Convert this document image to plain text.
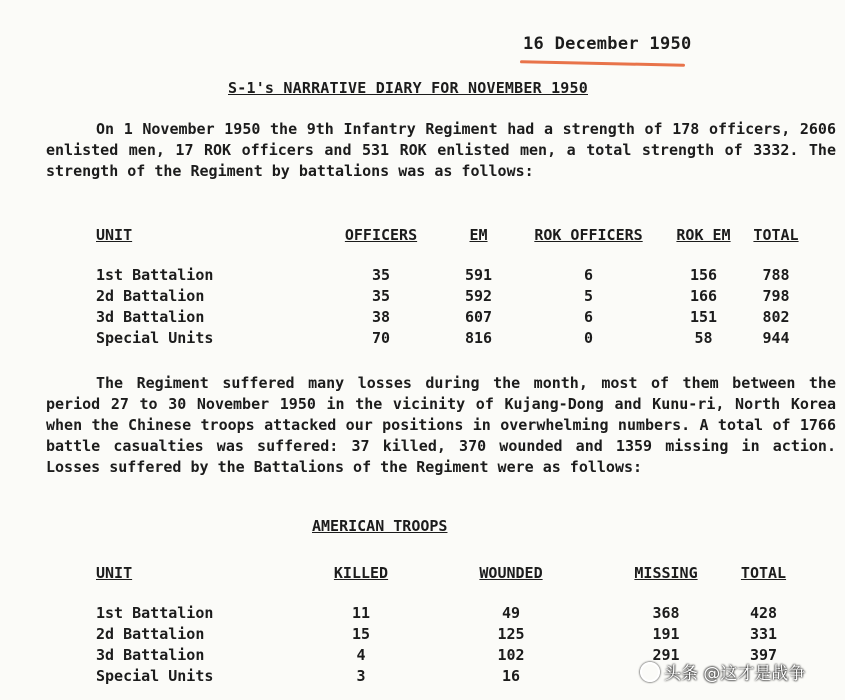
16 December 1950
S-1's NARRATIVE DIARY FOR NOVEMBER 1950

On 1 November 1950 the 9th Infantry Regiment had a strength of 178 officers, 2606 enlisted men, 17 ROK officers and 531 ROK enlisted men, a total strength of 3332. The strength of the Regiment by battalions was as follows:

UNIT	OFFICERS	EM	ROK OFFICERS	ROK EM	TOTAL

1st Battalion	35	591	6	156	788
2d Battalion	35	592	5	166	798
3d Battalion	38	607	6	151	802
Special Units	70	816	0	58	944

The Regiment suffered many losses during the month, most of them between the period 27 to 30 November 1950 in the vicinity of Kujang-Dong and Kunu-ri, North Korea when the Chinese troops attacked our positions in overwhelming numbers. A total of 1766 battle casualties was suffered: 37 killed, 370 wounded and 1359 missing in action. Losses suffered by the Battalions of the Regiment were as follows:

AMERICAN TROOPS
UNIT	KILLED	WOUNDED	MISSING	TOTAL

1st Battalion	11	49	368	428
2d Battalion	15	125	191	331
3d Battalion	4	102	291	397
Special Units	3	16			头条 @这才是战争
